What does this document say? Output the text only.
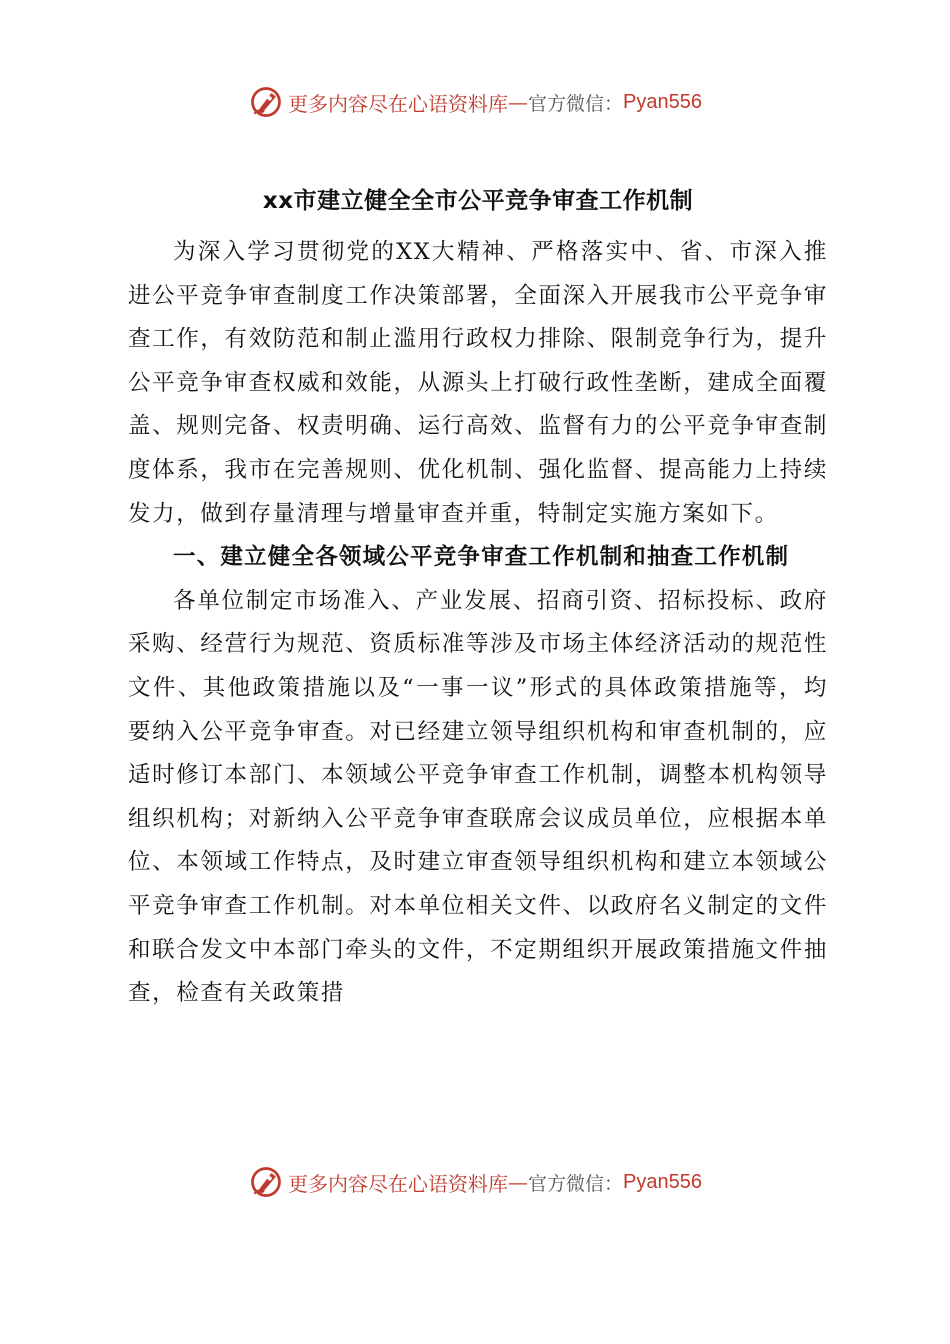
更多内容尽在心语资料库 — 官方微信： Pyan556
xx市建立健全全市公平竞争审查工作机制

为深入学习贯彻党的XX大精神、严格落实中、省、市深入推进公平竞争审查制度工作决策部署，全面深入开展我市公平竞争审查工作，有效防范和制止滥用行政权力排除、限制竞争行为，提升公平竞争审查权威和效能，从源头上打破行政性垄断，建成全面覆盖、规则完备、权责明确、运行高效、监督有力的公平竞争审查制度体系，我市在完善规则、优化机制、强化监督、提高能力上持续发力，做到存量清理与增量审查并重，特制定实施方案如下。

一、建立健全各领域公平竞争审查工作机制和抽查工作机制

各单位制定市场准入、产业发展、招商引资、招标投标、政府采购、经营行为规范、资质标准等涉及市场主体经济活动的规范性文件、其他政策措施以及“一事一议”形式的具体政策措施等，均要纳入公平竞争审查。对已经建立领导组织机构和审查机制的，应适时修订本部门、本领域公平竞争审查工作机制，调整本机构领导组织机构；对新纳入公平竞争审查联席会议成员单位，应根据本单位、本领域工作特点，及时建立审查领导组织机构和建立本领域公平竞争审查工作机制。对本单位相关文件、以政府名义制定的文件和联合发文中本部门牵头的文件，不定期组织开展政策措施文件抽查，检查有关政策措

更多内容尽在心语资料库 — 官方微信： Pyan556
